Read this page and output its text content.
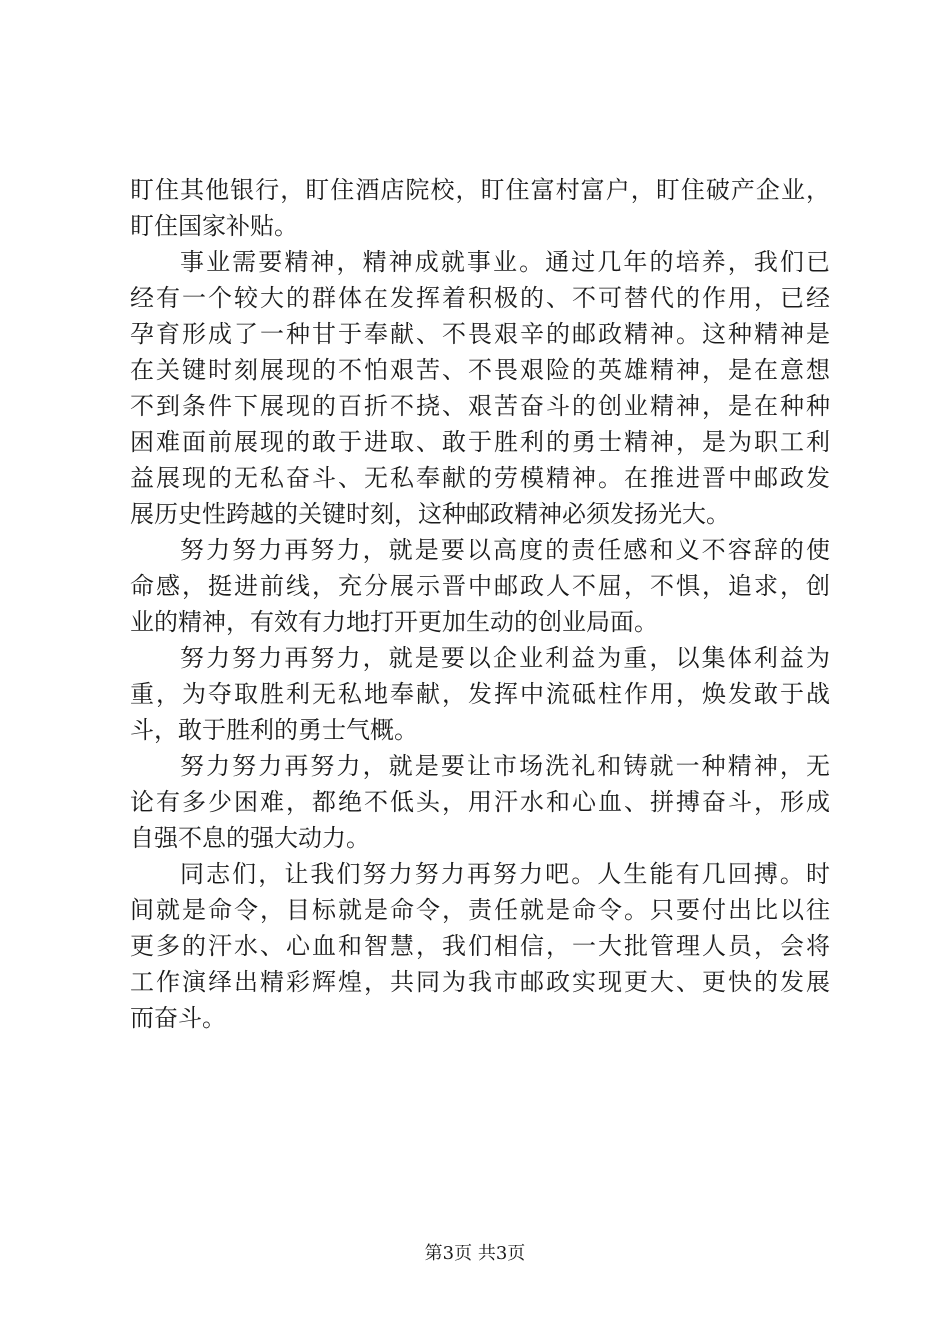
盯住其他银行，盯住酒店院校，盯住富村富户，盯住破产企业，
盯住国家补贴。
事业需要精神，精神成就事业。通过几年的培养，我们已
经有一个较大的群体在发挥着积极的、不可替代的作用，已经
孕育形成了一种甘于奉献、不畏艰辛的邮政精神。这种精神是
在关键时刻展现的不怕艰苦、不畏艰险的英雄精神，是在意想
不到条件下展现的百折不挠、艰苦奋斗的创业精神，是在种种
困难面前展现的敢于进取、敢于胜利的勇士精神，是为职工利
益展现的无私奋斗、无私奉献的劳模精神。在推进晋中邮政发
展历史性跨越的关键时刻，这种邮政精神必须发扬光大。
努力努力再努力，就是要以高度的责任感和义不容辞的使
命感，挺进前线，充分展示晋中邮政人不屈，不惧，追求，创
业的精神，有效有力地打开更加生动的创业局面。
努力努力再努力，就是要以企业利益为重，以集体利益为
重，为夺取胜利无私地奉献，发挥中流砥柱作用，焕发敢于战
斗，敢于胜利的勇士气概。
努力努力再努力，就是要让市场洗礼和铸就一种精神，无
论有多少困难，都绝不低头，用汗水和心血、拼搏奋斗，形成
自强不息的强大动力。
同志们，让我们努力努力再努力吧。人生能有几回搏。时
间就是命令，目标就是命令，责任就是命令。只要付出比以往
更多的汗水、心血和智慧，我们相信，一大批管理人员，会将
工作演绎出精彩辉煌，共同为我市邮政实现更大、更快的发展
而奋斗。
第3页 共3页
